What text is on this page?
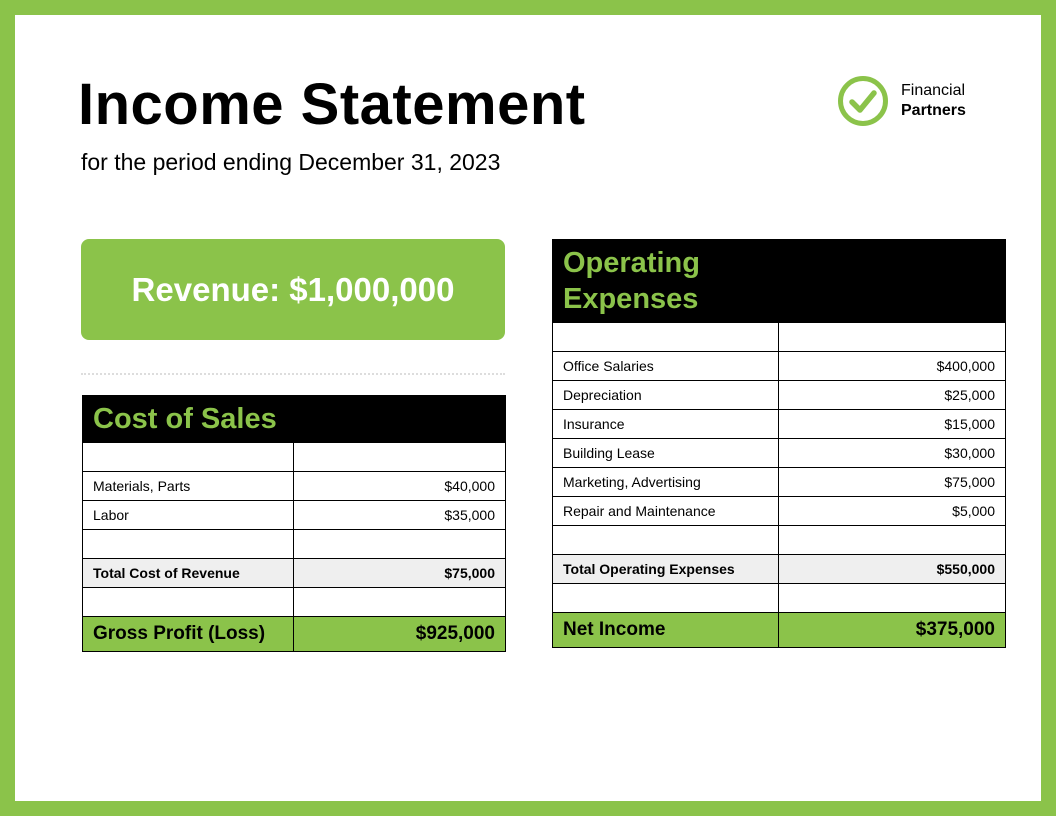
Income Statement
for the period ending December 31, 2023
Financial
Partners
Revenue: $1,000,000
Cost of Sales	

Materials, Parts	$40,000
Labor	$35,000

Total Cost of Revenue	$75,000

Gross Profit (Loss)	$925,000
Operating Expenses	

Office Salaries	$400,000
Depreciation	$25,000
Insurance	$15,000
Building Lease	$30,000
Marketing, Advertising	$75,000
Repair and Maintenance	$5,000

Total Operating Expenses	$550,000

Net Income	$375,000
